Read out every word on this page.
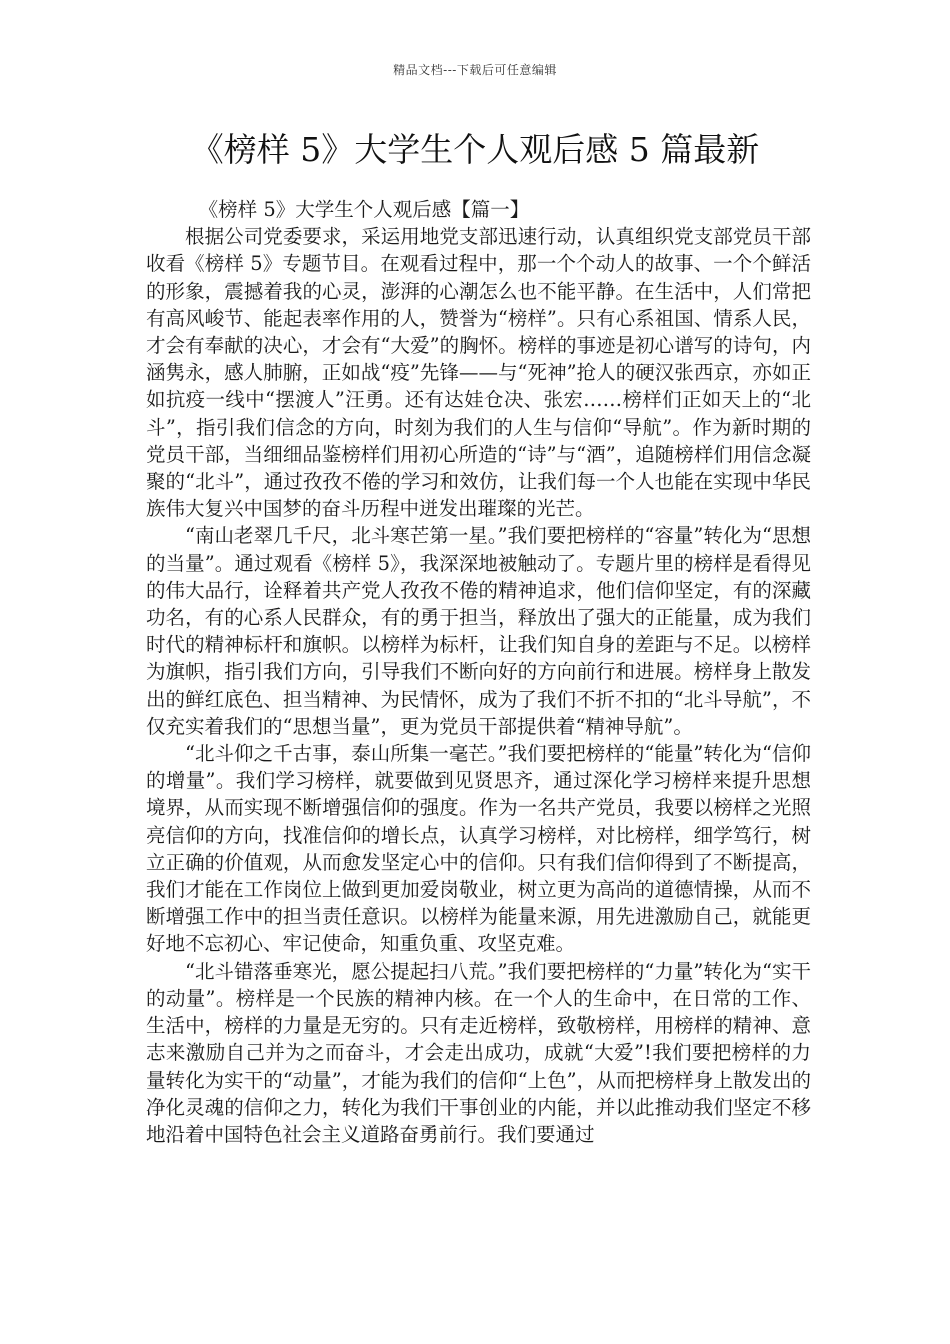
精品文档---下载后可任意编辑
《榜样 5》大学生个人观后感 5 篇最新

《榜样 5》大学生个人观后感【篇一】

根据公司党委要求，采运用地党支部迅速行动，认真组织党支部党员干部收看《榜样 5》专题节目。在观看过程中，那一个个动人的故事、一个个鲜活的形象，震撼着我的心灵，澎湃的心潮怎么也不能平静。在生活中，人们常把有高风峻节、能起表率作用的人，赞誉为“榜样”。只有心系祖国、情系人民，才会有奉献的决心，才会有“大爱”的胸怀。榜样的事迹是初心谱写的诗句，内涵隽永，感人肺腑，正如战“疫”先锋——与“死神”抢人的硬汉张西京，亦如正如抗疫一线中“摆渡人”汪勇。还有达娃仓决、张宏……榜样们正如天上的“北斗”，指引我们信念的方向，时刻为我们的人生与信仰“导航”。作为新时期的党员干部，当细细品鉴榜样们用初心所造的“诗”与“酒”，追随榜样们用信念凝聚的“北斗”，通过孜孜不倦的学习和效仿，让我们每一个人也能在实现中华民族伟大复兴中国梦的奋斗历程中迸发出璀璨的光芒。

“南山老翠几千尺，北斗寒芒第一星。”我们要把榜样的“容量”转化为“思想的当量”。通过观看《榜样 5》，我深深地被触动了。专题片里的榜样是看得见的伟大品行，诠释着共产党人孜孜不倦的精神追求，他们信仰坚定，有的深藏功名，有的心系人民群众，有的勇于担当，释放出了强大的正能量，成为我们时代的精神标杆和旗帜。以榜样为标杆，让我们知自身的差距与不足。以榜样为旗帜，指引我们方向，引导我们不断向好的方向前行和进展。榜样身上散发出的鲜红底色、担当精神、为民情怀，成为了我们不折不扣的“北斗导航”，不仅充实着我们的“思想当量”，更为党员干部提供着“精神导航”。

“北斗仰之千古事，泰山所集一毫芒。”我们要把榜样的“能量”转化为“信仰的增量”。我们学习榜样，就要做到见贤思齐，通过深化学习榜样来提升思想境界，从而实现不断增强信仰的强度。作为一名共产党员，我要以榜样之光照亮信仰的方向，找准信仰的增长点，认真学习榜样，对比榜样，细学笃行，树立正确的价值观，从而愈发坚定心中的信仰。只有我们信仰得到了不断提高，我们才能在工作岗位上做到更加爱岗敬业，树立更为高尚的道德情操，从而不断增强工作中的担当责任意识。以榜样为能量来源，用先进激励自己，就能更好地不忘初心、牢记使命，知重负重、攻坚克难。

“北斗错落垂寒光，愿公提起扫八荒。”我们要把榜样的“力量”转化为“实干的动量”。榜样是一个民族的精神内核。在一个人的生命中，在日常的工作、生活中，榜样的力量是无穷的。只有走近榜样，致敬榜样，用榜样的精神、意志来激励自己并为之而奋斗，才会走出成功，成就“大爱”!我们要把榜样的力量转化为实干的“动量”，才能为我们的信仰“上色”，从而把榜样身上散发出的净化灵魂的信仰之力，转化为我们干事创业的内能，并以此推动我们坚定不移地沿着中国特色社会主义道路奋勇前行。我们要通过
